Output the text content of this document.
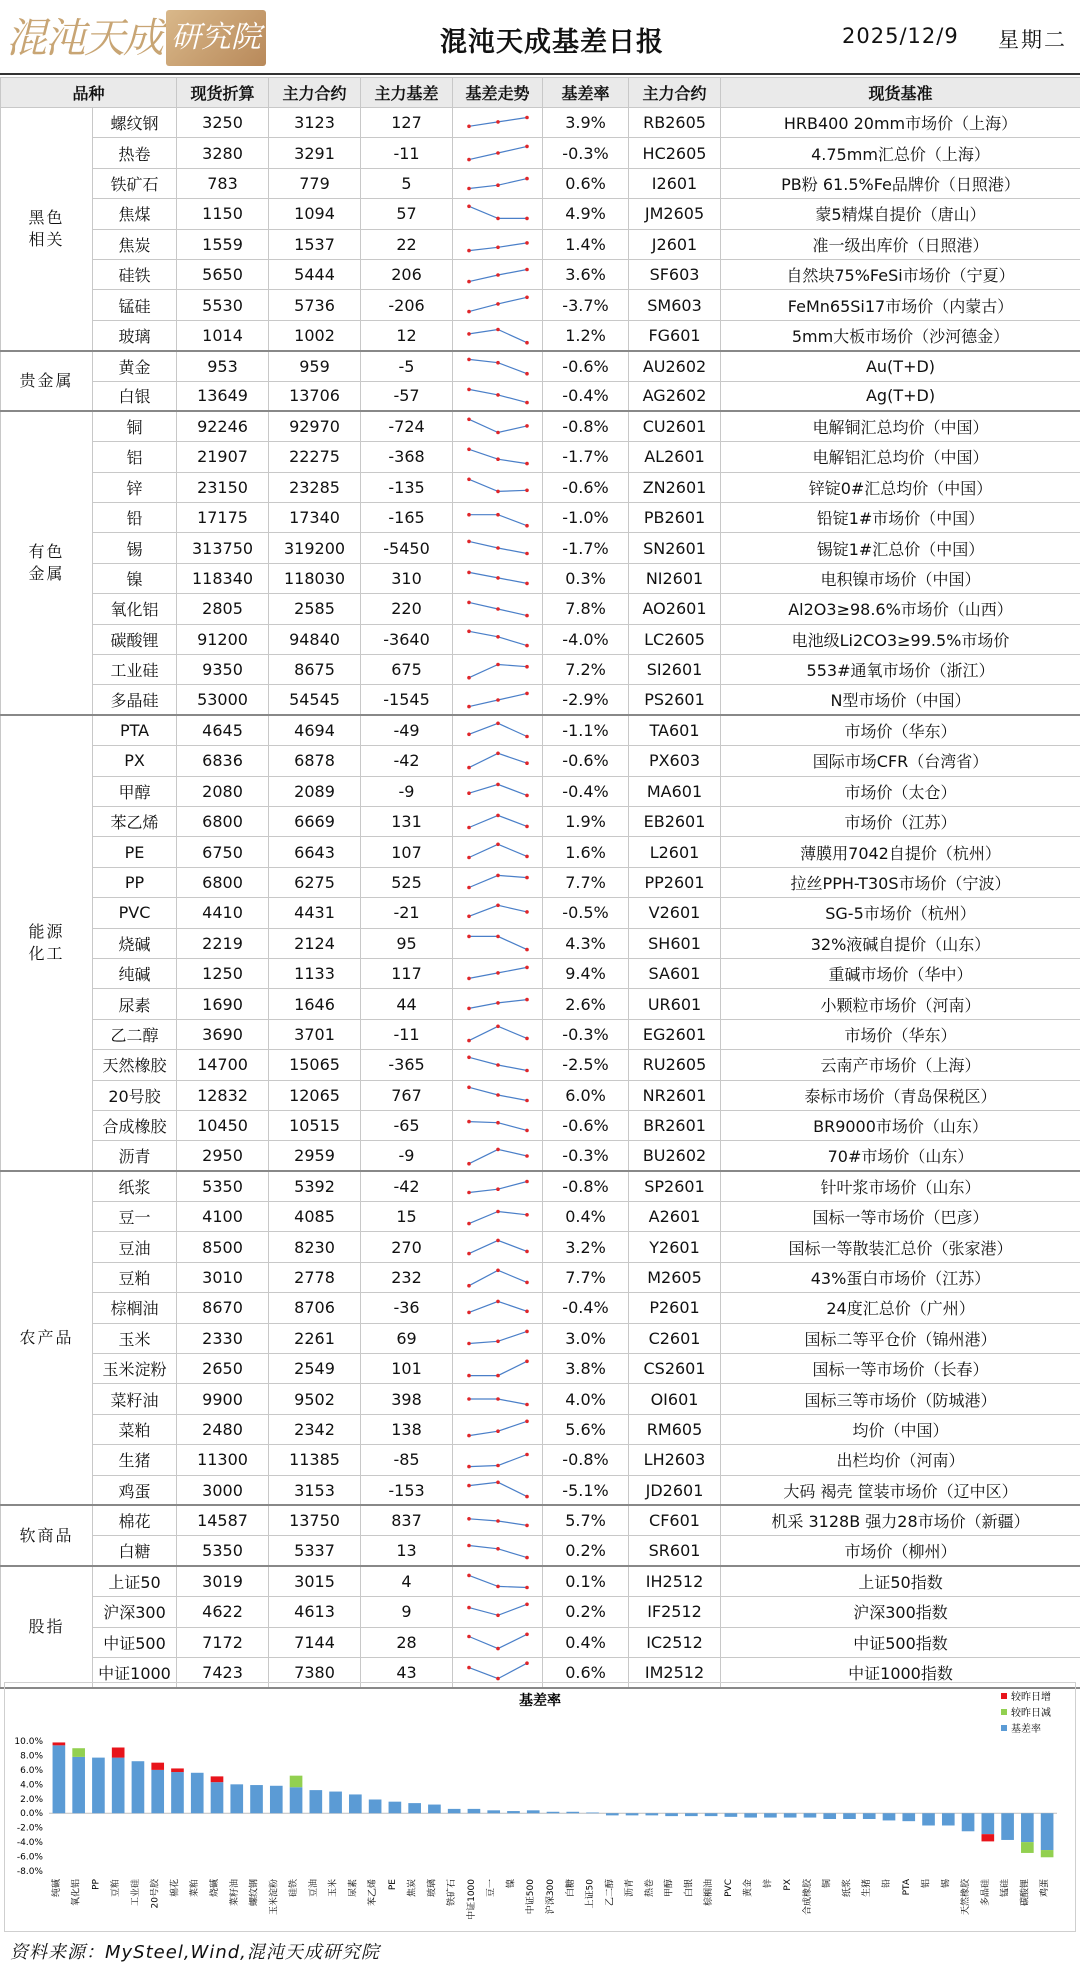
混沌天成 研究院	混沌天成基差日报	2025/12/9 星期二
品种		现货折算	主力合约	主力基差	基差走势	基差率	主力合约	现货基准
黑色
相关	螺纹钢	3250	3123	127		3.9%	RB2605	HRB400 20mm市场价（上海）
	热卷	3280	3291	-11		-0.3%	HC2605	4.75mm汇总价（上海）
	铁矿石	783	779	5		0.6%	I2601	PB粉 61.5%Fe品牌价（日照港）
	焦煤	1150	1094	57		4.9%	JM2605	蒙5精煤自提价（唐山）
	焦炭	1559	1537	22		1.4%	J2601	准一级出库价（日照港）
	硅铁	5650	5444	206		3.6%	SF603	自然块75%FeSi市场价（宁夏）
	锰硅	5530	5736	-206		-3.7%	SM603	FeMn65Si17市场价（内蒙古）
	玻璃	1014	1002	12		1.2%	FG601	5mm大板市场价（沙河德金）
贵金属	黄金	953	959	-5		-0.6%	AU2602	Au(T+D)
	白银	13649	13706	-57		-0.4%	AG2602	Ag(T+D)
有色
金属	铜	92246	92970	-724		-0.8%	CU2601	电解铜汇总均价（中国）
	铝	21907	22275	-368		-1.7%	AL2601	电解铝汇总均价（中国）
	锌	23150	23285	-135		-0.6%	ZN2601	锌锭0#汇总均价（中国）
	铅	17175	17340	-165		-1.0%	PB2601	铅锭1#市场价（中国）
	锡	313750	319200	-5450		-1.7%	SN2601	锡锭1#汇总价（中国）
	镍	118340	118030	310		0.3%	NI2601	电积镍市场价（中国）
	氧化铝	2805	2585	220		7.8%	AO2601	Al2O3≥98.6%市场价（山西）
	碳酸锂	91200	94840	-3640		-4.0%	LC2605	电池级Li2CO3≥99.5%市场价
	工业硅	9350	8675	675		7.2%	SI2601	553#通氧市场价（浙江）
	多晶硅	53000	54545	-1545		-2.9%	PS2601	N型市场价（中国）
能源
化工	PTA	4645	4694	-49		-1.1%	TA601	市场价（华东）
	PX	6836	6878	-42		-0.6%	PX603	国际市场CFR（台湾省）
	甲醇	2080	2089	-9		-0.4%	MA601	市场价（太仓）
	苯乙烯	6800	6669	131		1.9%	EB2601	市场价（江苏）
	PE	6750	6643	107		1.6%	L2601	薄膜用7042自提价（杭州）
	PP	6800	6275	525		7.7%	PP2601	拉丝PPH-T30S市场价（宁波）
	PVC	4410	4431	-21		-0.5%	V2601	SG-5市场价（杭州）
	烧碱	2219	2124	95		4.3%	SH601	32%液碱自提价（山东）
	纯碱	1250	1133	117		9.4%	SA601	重碱市场价（华中）
	尿素	1690	1646	44		2.6%	UR601	小颗粒市场价（河南）
	乙二醇	3690	3701	-11		-0.3%	EG2601	市场价（华东）
	天然橡胶	14700	15065	-365		-2.5%	RU2605	云南产市场价（上海）
	20号胶	12832	12065	767		6.0%	NR2601	泰标市场价（青岛保税区）
	合成橡胶	10450	10515	-65		-0.6%	BR2601	BR9000市场价（山东）
	沥青	2950	2959	-9		-0.3%	BU2602	70#市场价（山东）
农产品	纸浆	5350	5392	-42		-0.8%	SP2601	针叶浆市场价（山东）
	豆一	4100	4085	15		0.4%	A2601	国标一等市场价（巴彦）
	豆油	8500	8230	270		3.2%	Y2601	国标一等散装汇总价（张家港）
	豆粕	3010	2778	232		7.7%	M2605	43%蛋白市场价（江苏）
	棕榈油	8670	8706	-36		-0.4%	P2601	24度汇总价（广州）
	玉米	2330	2261	69		3.0%	C2601	国标二等平仓价（锦州港）
	玉米淀粉	2650	2549	101		3.8%	CS2601	国标一等市场价（长春）
	菜籽油	9900	9502	398		4.0%	OI601	国标三等市场价（防城港）
	菜粕	2480	2342	138		5.6%	RM605	均价（中国）
	生猪	11300	11385	-85		-0.8%	LH2603	出栏均价（河南）
	鸡蛋	3000	3153	-153		-5.1%	JD2601	大码 褐壳 筐装市场价（辽中区）
软商品	棉花	14587	13750	837		5.7%	CF601	机采 3128B 强力28市场价（新疆）
	白糖	5350	5337	13		0.2%	SR601	市场价（柳州）
股指	上证50	3019	3015	4		0.1%	IH2512	上证50指数
	沪深300	4622	4613	9		0.2%	IF2512	沪深300指数
	中证500	7172	7144	28		0.4%	IC2512	中证500指数
	中证1000	7423	7380	43		0.6%	IM2512	中证1000指数
基差率	较昨日增
较昨日减
基差率
10.0%
8.0%
6.0%
4.0%
2.0%
0.0%
-2.0%
-4.0%
-6.0%
-8.0%
纯碱 氧化铝 PP 豆粕 工业硅 20号胶 棉花 菜粕 烧碱 菜籽油 螺纹钢 玉米淀粉 硅铁 豆油 玉米 尿素 苯乙烯 PE 焦炭 玻璃 铁矿石 中证1000 豆一 镍 中证500 沪深300 白糖 上证50 乙二醇 沥青 热卷 甲醇 白银 棕榈油 PVC 黄金 锌 PX 合成橡胶 铜 纸浆 生猪 铅 PTA 铝 锡 天然橡胶 多晶硅 锰硅 碳酸锂 鸡蛋
资料来源：MySteel,Wind,混沌天成研究院
